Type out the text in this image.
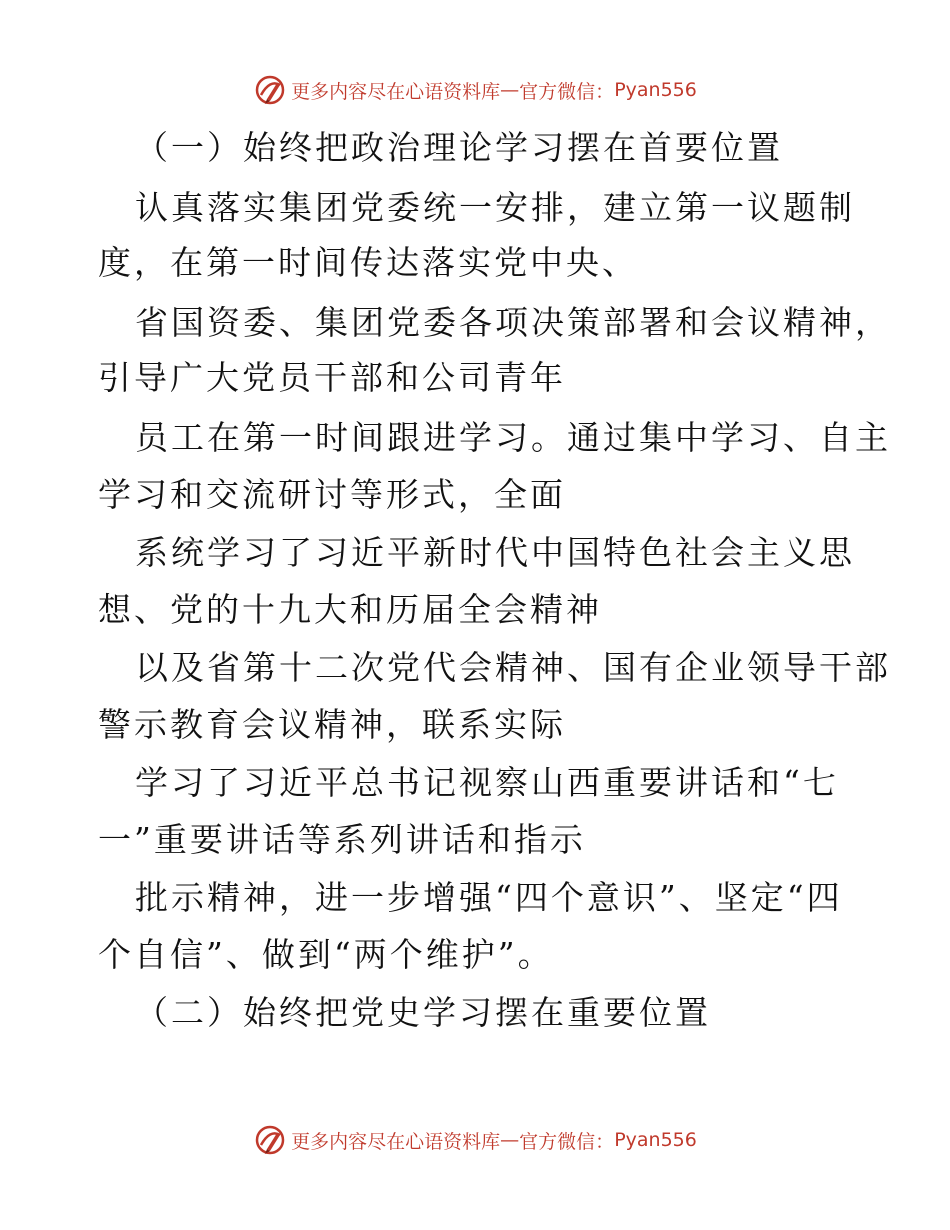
更多内容尽在心语资料库 — 官方微信： Pyan556
（一）始终把政治理论学习摆在首要位置
认真落实集团党委统一安排，建立第一议题制
度，在第一时间传达落实党中央、
省国资委、集团党委各项决策部署和会议精神，
引导广大党员干部和公司青年
员工在第一时间跟进学习。通过集中学习、自主
学习和交流研讨等形式，全面
系统学习了习近平新时代中国特色社会主义思
想、党的十九大和历届全会精神
以及省第十二次党代会精神、国有企业领导干部
警示教育会议精神，联系实际
学习了习近平总书记视察山西重要讲话和“七
一”重要讲话等系列讲话和指示
批示精神，进一步增强“四个意识”、坚定“四
个自信”、做到“两个维护”。
（二）始终把党史学习摆在重要位置
更多内容尽在心语资料库 — 官方微信： Pyan556
